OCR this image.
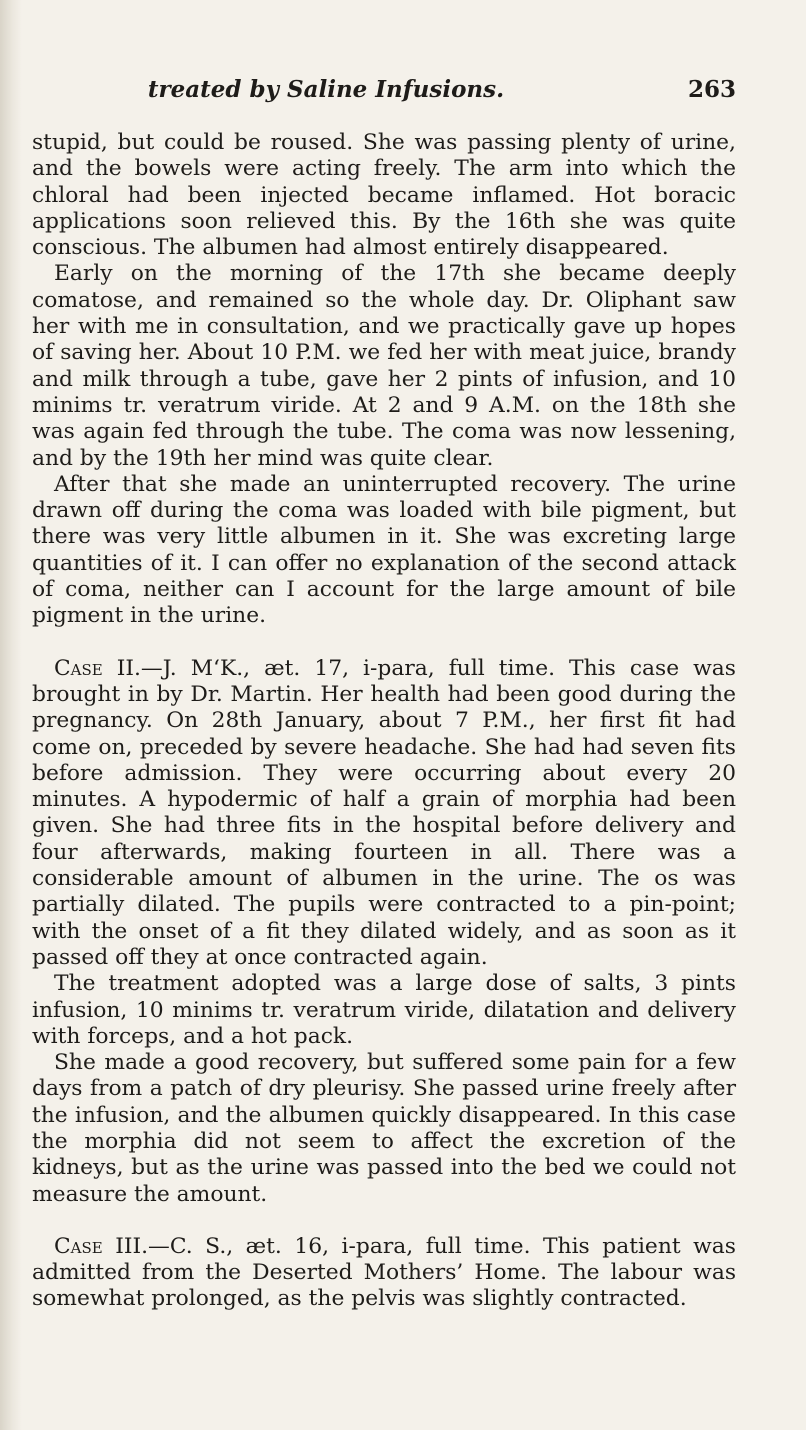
treated by Saline Infusions.	263

stupid, but could be roused. She was passing plenty of urine, and the bowels were acting freely. The arm into which the chloral had been injected became inflamed. Hot boracic applications soon relieved this. By the 16th she was quite conscious. The albumen had almost entirely disappeared.

Early on the morning of the 17th she became deeply comatose, and remained so the whole day. Dr. Oliphant saw her with me in consultation, and we practically gave up hopes of saving her. About 10 P.M. we fed her with meat juice, brandy and milk through a tube, gave her 2 pints of infusion, and 10 minims tr. veratrum viride. At 2 and 9 A.M. on the 18th she was again fed through the tube. The coma was now lessening, and by the 19th her mind was quite clear.

After that she made an uninterrupted recovery. The urine drawn off during the coma was loaded with bile pigment, but there was very little albumen in it. She was excreting large quantities of it. I can offer no explanation of the second attack of coma, neither can I account for the large amount of bile pigment in the urine.

Case II.—J. M‘K., æt. 17, i-para, full time. This case was brought in by Dr. Martin. Her health had been good during the pregnancy. On 28th January, about 7 P.M., her first fit had come on, preceded by severe headache. She had had seven fits before admission. They were occurring about every 20 minutes. A hypodermic of half a grain of morphia had been given. She had three fits in the hospital before delivery and four afterwards, making fourteen in all. There was a considerable amount of albumen in the urine. The os was partially dilated. The pupils were contracted to a pin-point; with the onset of a fit they dilated widely, and as soon as it passed off they at once contracted again.

The treatment adopted was a large dose of salts, 3 pints infusion, 10 minims tr. veratrum viride, dilatation and delivery with forceps, and a hot pack.

She made a good recovery, but suffered some pain for a few days from a patch of dry pleurisy. She passed urine freely after the infusion, and the albumen quickly disappeared. In this case the morphia did not seem to affect the excretion of the kidneys, but as the urine was passed into the bed we could not measure the amount.

Case III.—C. S., æt. 16, i-para, full time. This patient was admitted from the Deserted Mothers’ Home. The labour was somewhat prolonged, as the pelvis was slightly contracted.
